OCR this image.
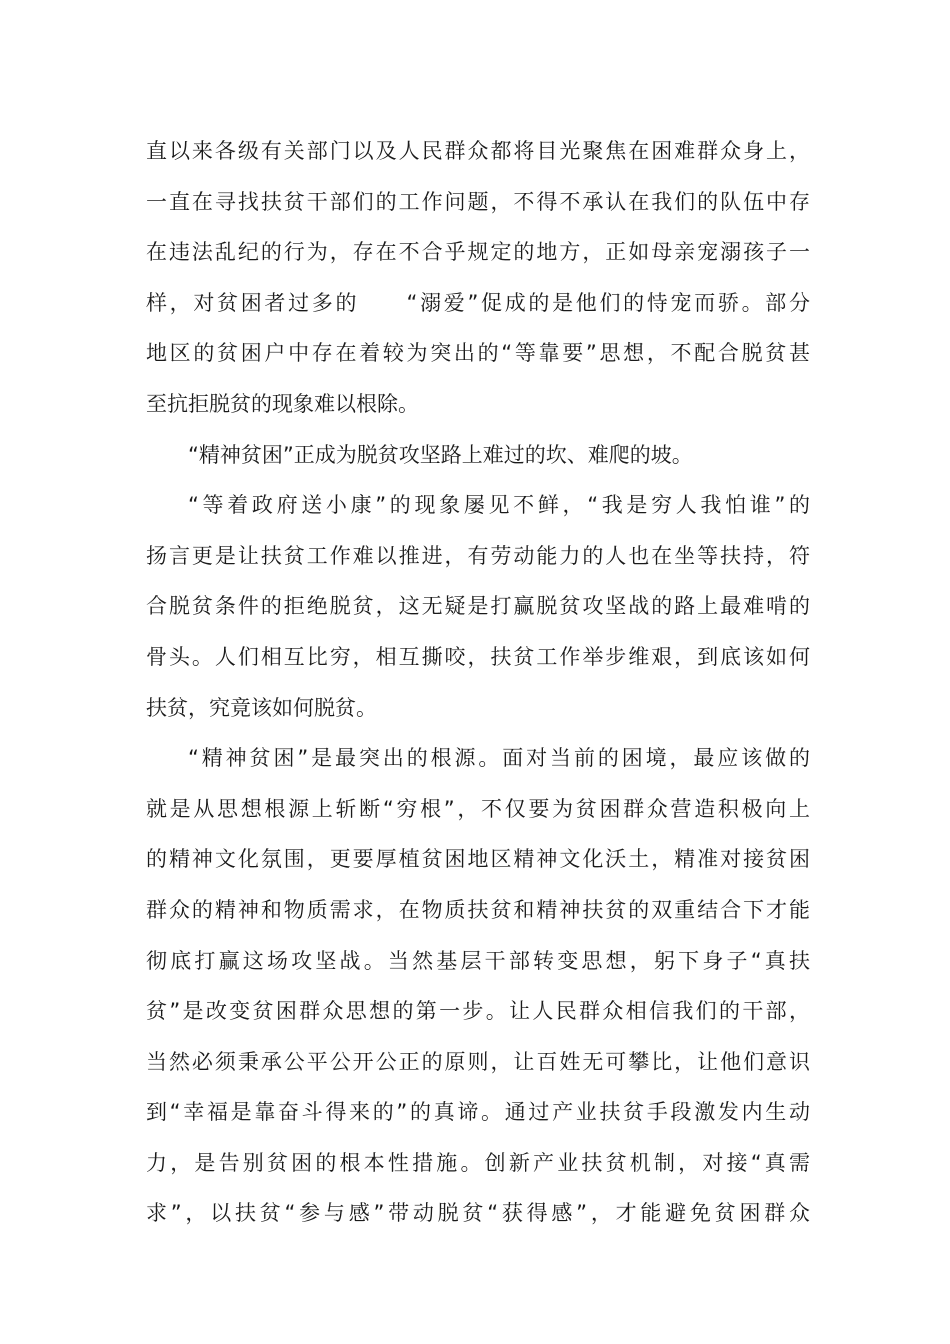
直以来各级有关部门以及人民群众都将目光聚焦在困难群众身上，
一直在寻找扶贫干部们的工作问题，不得不承认在我们的队伍中存
在违法乱纪的行为，存在不合乎规定的地方，正如母亲宠溺孩子一
样，对贫困者过多的　　“溺爱”促成的是他们的恃宠而骄。部分
地区的贫困户中存在着较为突出的“等靠要”思想，不配合脱贫甚
至抗拒脱贫的现象难以根除。
“精神贫困”正成为脱贫攻坚路上难过的坎、难爬的坡。
“等着政府送小康”的现象屡见不鲜，“我是穷人我怕谁”的
扬言更是让扶贫工作难以推进，有劳动能力的人也在坐等扶持，符
合脱贫条件的拒绝脱贫，这无疑是打赢脱贫攻坚战的路上最难啃的
骨头。人们相互比穷，相互撕咬，扶贫工作举步维艰，到底该如何
扶贫，究竟该如何脱贫。
“精神贫困”是最突出的根源。面对当前的困境，最应该做的
就是从思想根源上斩断“穷根”，不仅要为贫困群众营造积极向上
的精神文化氛围，更要厚植贫困地区精神文化沃土，精准对接贫困
群众的精神和物质需求，在物质扶贫和精神扶贫的双重结合下才能
彻底打赢这场攻坚战。当然基层干部转变思想，躬下身子“真扶
贫”是改变贫困群众思想的第一步。让人民群众相信我们的干部，
当然必须秉承公平公开公正的原则，让百姓无可攀比，让他们意识
到“幸福是靠奋斗得来的”的真谛。通过产业扶贫手段激发内生动
力，是告别贫困的根本性措施。创新产业扶贫机制，对接“真需
求”，以扶贫“参与感”带动脱贫“获得感”，才能避免贫困群众
